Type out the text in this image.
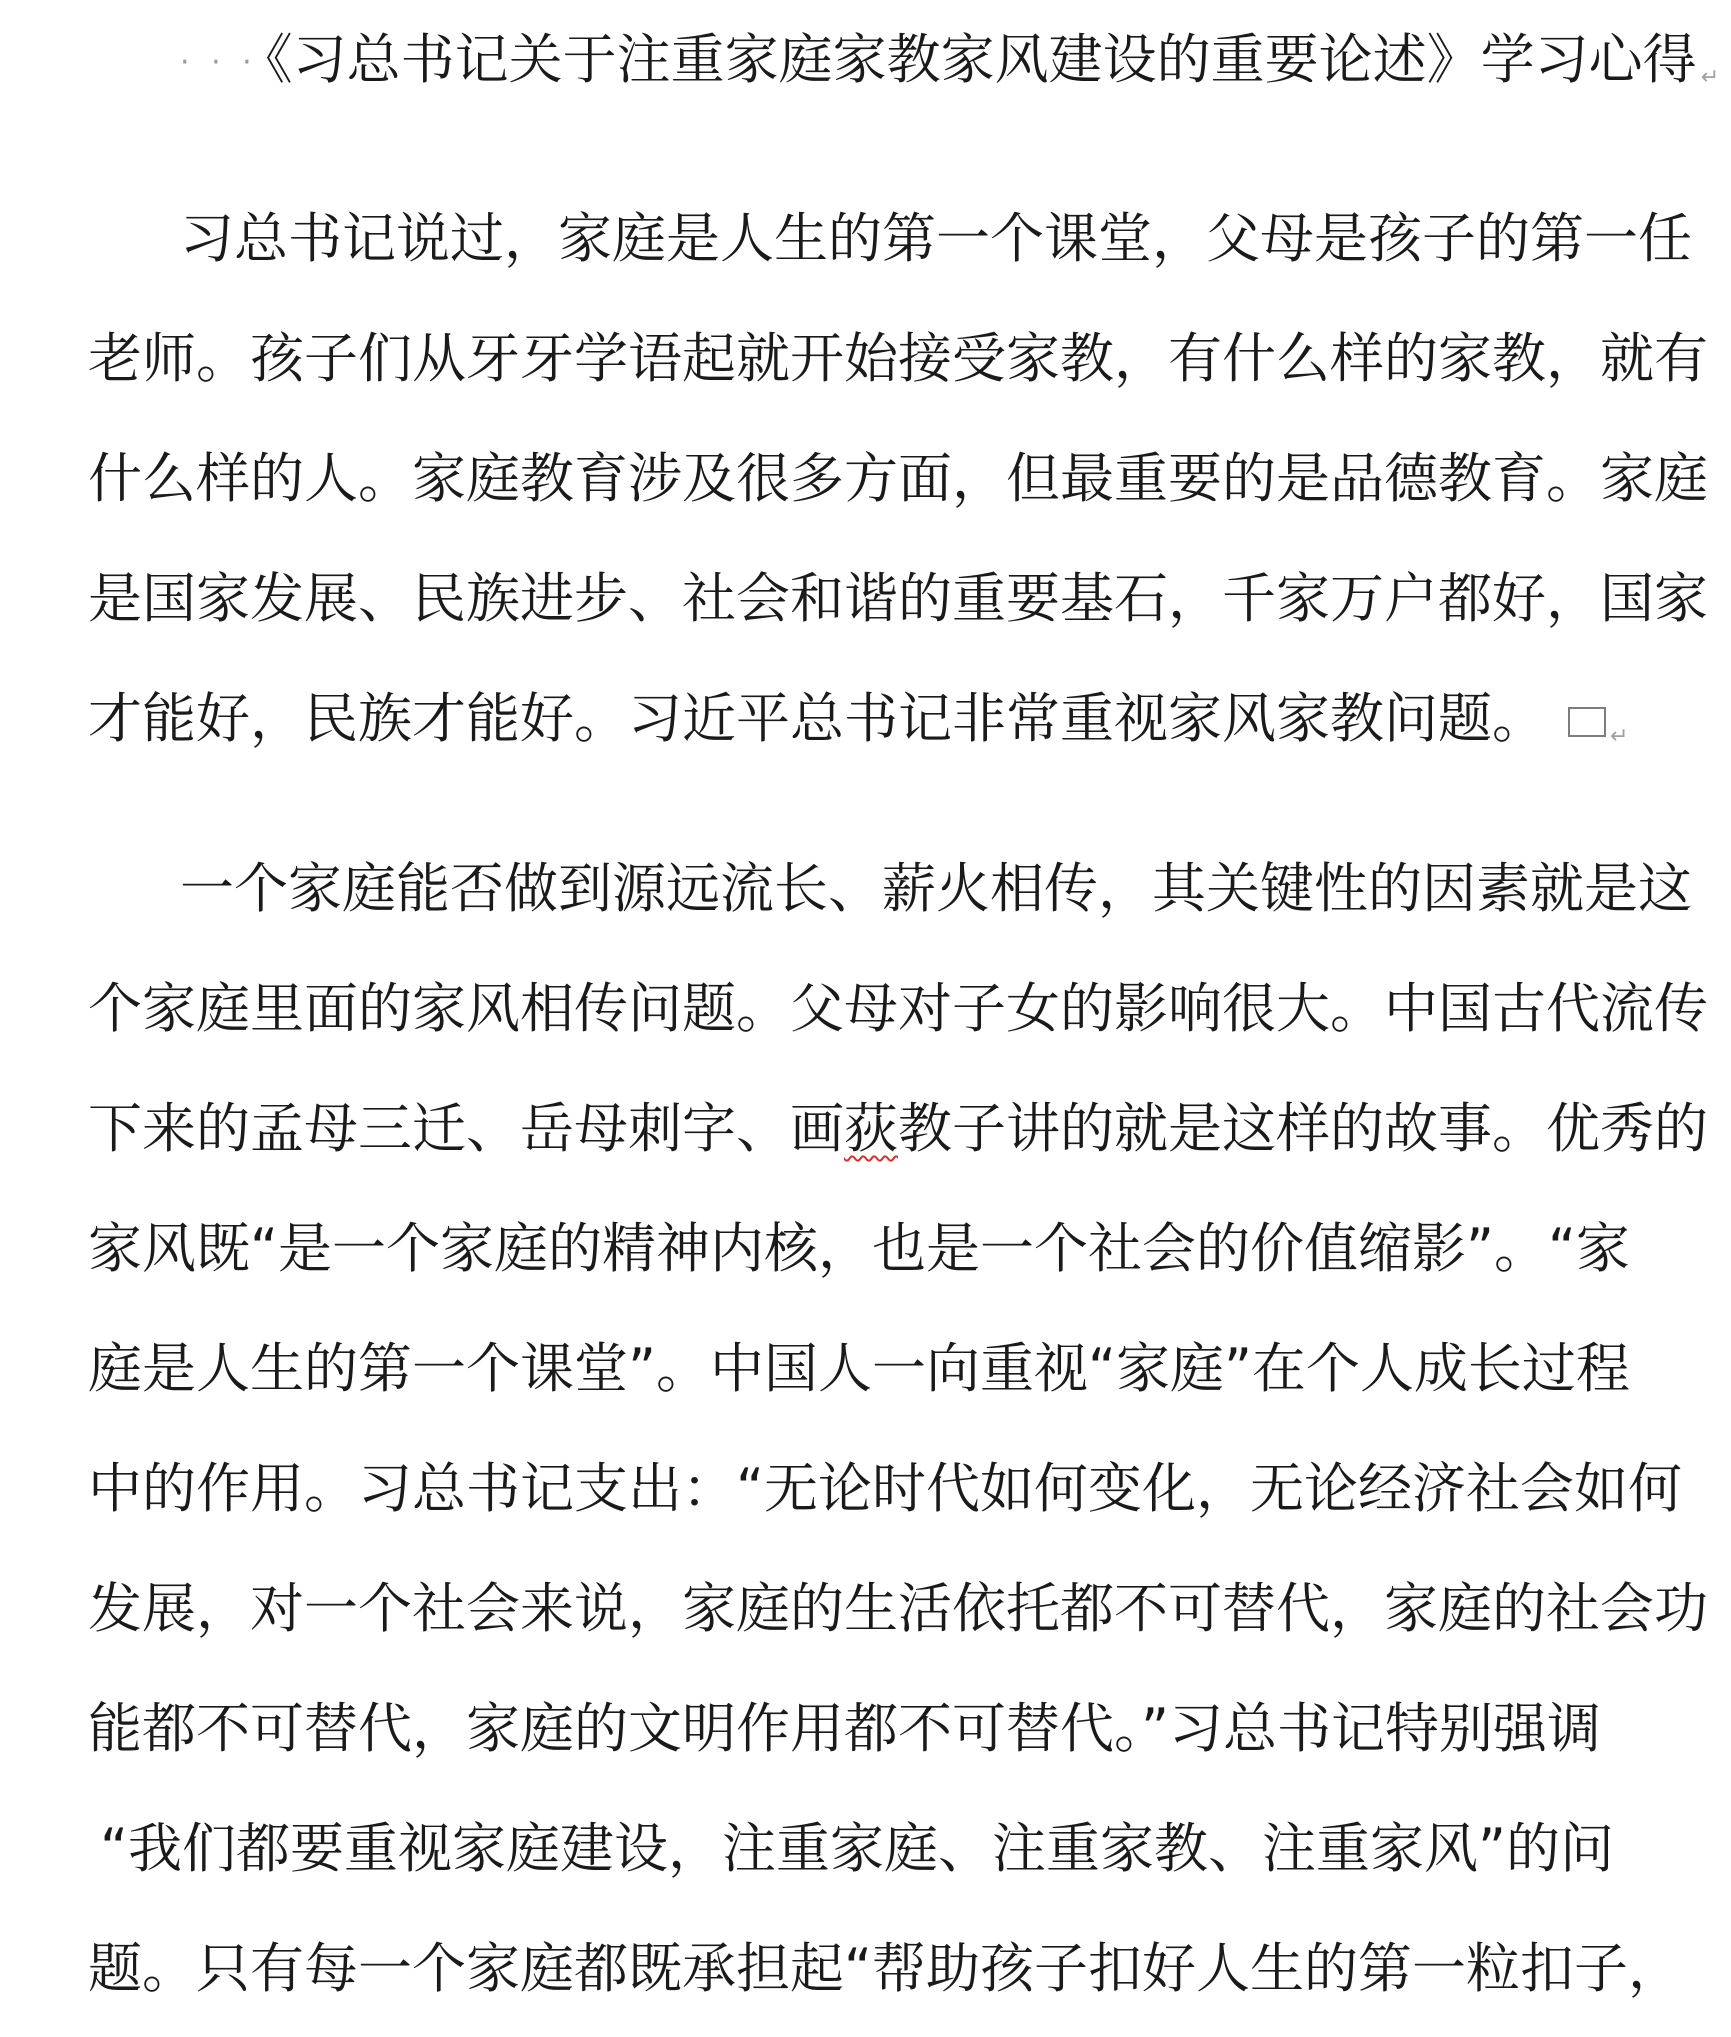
· · · 《习总书记关于注重家庭家教家风建设的重要论述》学习心得 ↵
习总书记说过，家庭是人生的第一个课堂，父母是孩子的第一任
老师。孩子们从牙牙学语起就开始接受家教，有什么样的家教，就有
什么样的人。家庭教育涉及很多方面，但最重要的是品德教育。家庭
是国家发展、民族进步、社会和谐的重要基石，千家万户都好，国家
才能好，民族才能好。习近平总书记非常重视家风家教问题。	↵
一个家庭能否做到源远流长、薪火相传，其关键性的因素就是这
个家庭里面的家风相传问题。父母对子女的影响很大。中国古代流传
下来的孟母三迁、岳母刺字、画荻教子讲的就是这样的故事。优秀的
家风既“是一个家庭的精神内核，也是一个社会的价值缩影”。“家
庭是人生的第一个课堂”。中国人一向重视“家庭”在个人成长过程
中的作用。习总书记支出：“无论时代如何变化，无论经济社会如何
发展，对一个社会来说，家庭的生活依托都不可替代，家庭的社会功
能都不可替代，家庭的文明作用都不可替代。”习总书记特别强调
“我们都要重视家庭建设，注重家庭、注重家教、注重家风”的问
题。只有每一个家庭都既承担起“帮助孩子扣好人生的第一粒扣子，
